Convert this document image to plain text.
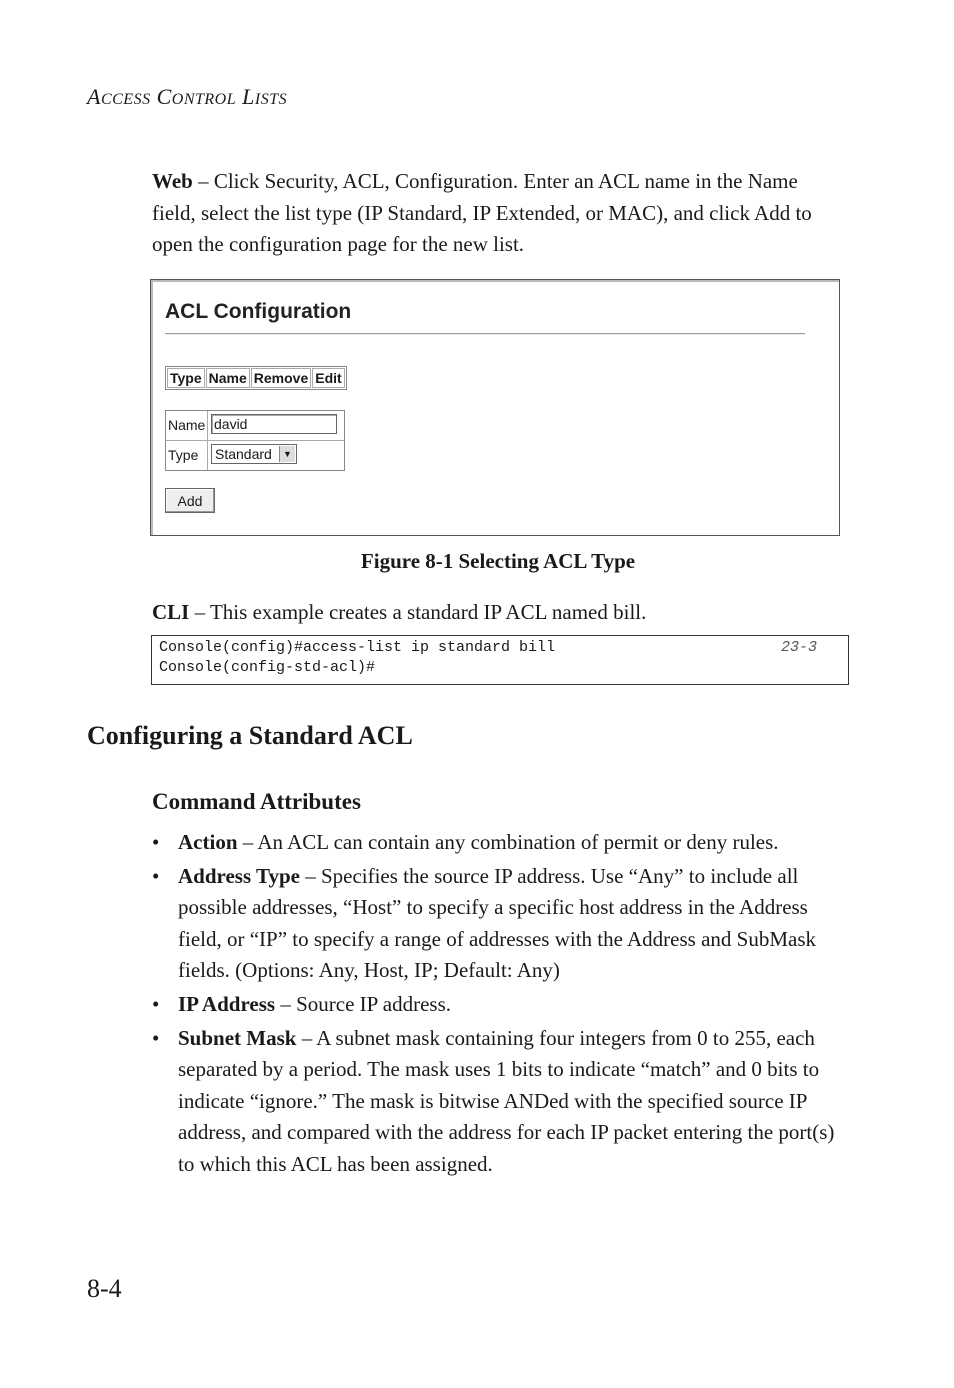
ACCESS CONTROL LISTS
Web – Click Security, ACL, Configuration. Enter an ACL name in the Name field, select the list type (IP Standard, IP Extended, or MAC), and click Add to open the configuration page for the new list.
ACL Configuration
Type	Name	Remove	Edit
Name david
Type Standard	▼
Add
Figure 8-1 Selecting ACL Type
CLI – This example creates a standard IP ACL named bill.
Console(config)#access-list ip standard bill	23-3
Console(config-std-acl)#
Configuring a Standard ACL
Command Attributes
• Action – An ACL can contain any combination of permit or deny rules.
• Address Type – Specifies the source IP address. Use “Any” to include all possible addresses, “Host” to specify a specific host address in the Address field, or “IP” to specify a range of addresses with the Address and SubMask fields. (Options: Any, Host, IP; Default: Any)
• IP Address – Source IP address.
• Subnet Mask – A subnet mask containing four integers from 0 to 255, each separated by a period. The mask uses 1 bits to indicate “match” and 0 bits to indicate “ignore.” The mask is bitwise ANDed with the specified source IP address, and compared with the address for each IP packet entering the port(s) to which this ACL has been assigned.
8-4
